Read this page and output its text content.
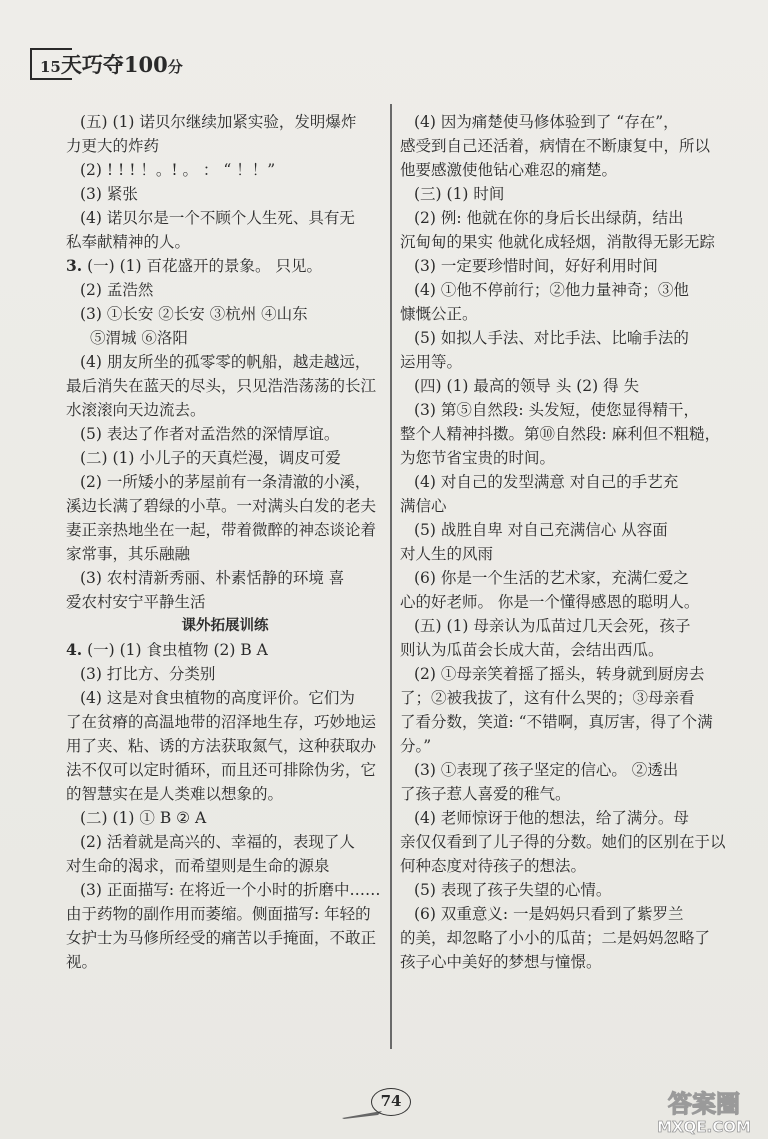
15天巧夺100分
(五) (1) 诺贝尔继续加紧实验，发明爆炸
力更大的炸药
(2) ! ! ! ！。! 。 ： “ ！！”
(3) 紧张
(4) 诺贝尔是一个不顾个人生死、具有无
私奉献精神的人。
3. (一) (1) 百花盛开的景象。 只见。
(2) 孟浩然
(3) ①长安 ②长安 ③杭州 ④山东
⑤渭城 ⑥洛阳
(4) 朋友所坐的孤零零的帆船，越走越远，
最后消失在蓝天的尽头，只见浩浩荡荡的长江
水滚滚向天边流去。
(5) 表达了作者对孟浩然的深情厚谊。
(二) (1) 小儿子的天真烂漫，调皮可爱
(2) 一所矮小的茅屋前有一条清澈的小溪，
溪边长满了碧绿的小草。一对满头白发的老夫
妻正亲热地坐在一起，带着微醉的神态谈论着
家常事，其乐融融
(3) 农村清新秀丽、朴素恬静的环境 喜
爱农村安宁平静生活
课外拓展训练
4. (一) (1) 食虫植物 (2) B A
(3) 打比方、分类别
(4) 这是对食虫植物的高度评价。它们为
了在贫瘠的高温地带的沼泽地生存，巧妙地运
用了夹、粘、诱的方法获取氮气，这种获取办
法不仅可以定时循环，而且还可排除伪劣，它
的智慧实在是人类难以想象的。
(二) (1) ① B ② A
(2) 活着就是高兴的、幸福的，表现了人
对生命的渴求，而希望则是生命的源泉
(3) 正面描写: 在将近一个小时的折磨中……
由于药物的副作用而萎缩。侧面描写: 年轻的
女护士为马修所经受的痛苦以手掩面，不敢正
视。
(4) 因为痛楚使马修体验到了 “存在”，
感受到自己还活着，病情在不断康复中，所以
他要感激使他钻心难忍的痛楚。
(三) (1) 时间
(2) 例: 他就在你的身后长出绿荫，结出
沉甸甸的果实 他就化成轻烟，消散得无影无踪
(3) 一定要珍惜时间，好好利用时间
(4) ①他不停前行；②他力量神奇；③他
慷慨公正。
(5) 如拟人手法、对比手法、比喻手法的
运用等。
(四) (1) 最高的领导 头 (2) 得 失
(3) 第⑤自然段: 头发短，使您显得精干，
整个人精神抖擞。第⑩自然段: 麻利但不粗糙，
为您节省宝贵的时间。
(4) 对自己的发型满意 对自己的手艺充
满信心
(5) 战胜自卑 对自己充满信心 从容面
对人生的风雨
(6) 你是一个生活的艺术家，充满仁爱之
心的好老师。 你是一个懂得感恩的聪明人。
(五) (1) 母亲认为瓜苗过几天会死，孩子
则认为瓜苗会长成大苗，会结出西瓜。
(2) ①母亲笑着摇了摇头，转身就到厨房去
了；②被我拔了，这有什么哭的；③母亲看
了看分数，笑道: “不错啊，真厉害，得了个满
分。”
(3) ①表现了孩子坚定的信心。 ②透出
了孩子惹人喜爱的稚气。
(4) 老师惊讶于他的想法，给了满分。母
亲仅仅看到了儿子得的分数。她们的区别在于以
何种态度对待孩子的想法。
(5) 表现了孩子失望的心情。
(6) 双重意义: 一是妈妈只看到了紫罗兰
的美，却忽略了小小的瓜苗；二是妈妈忽略了
孩子心中美好的梦想与憧憬。
74	答案圈
MXQE.COM
